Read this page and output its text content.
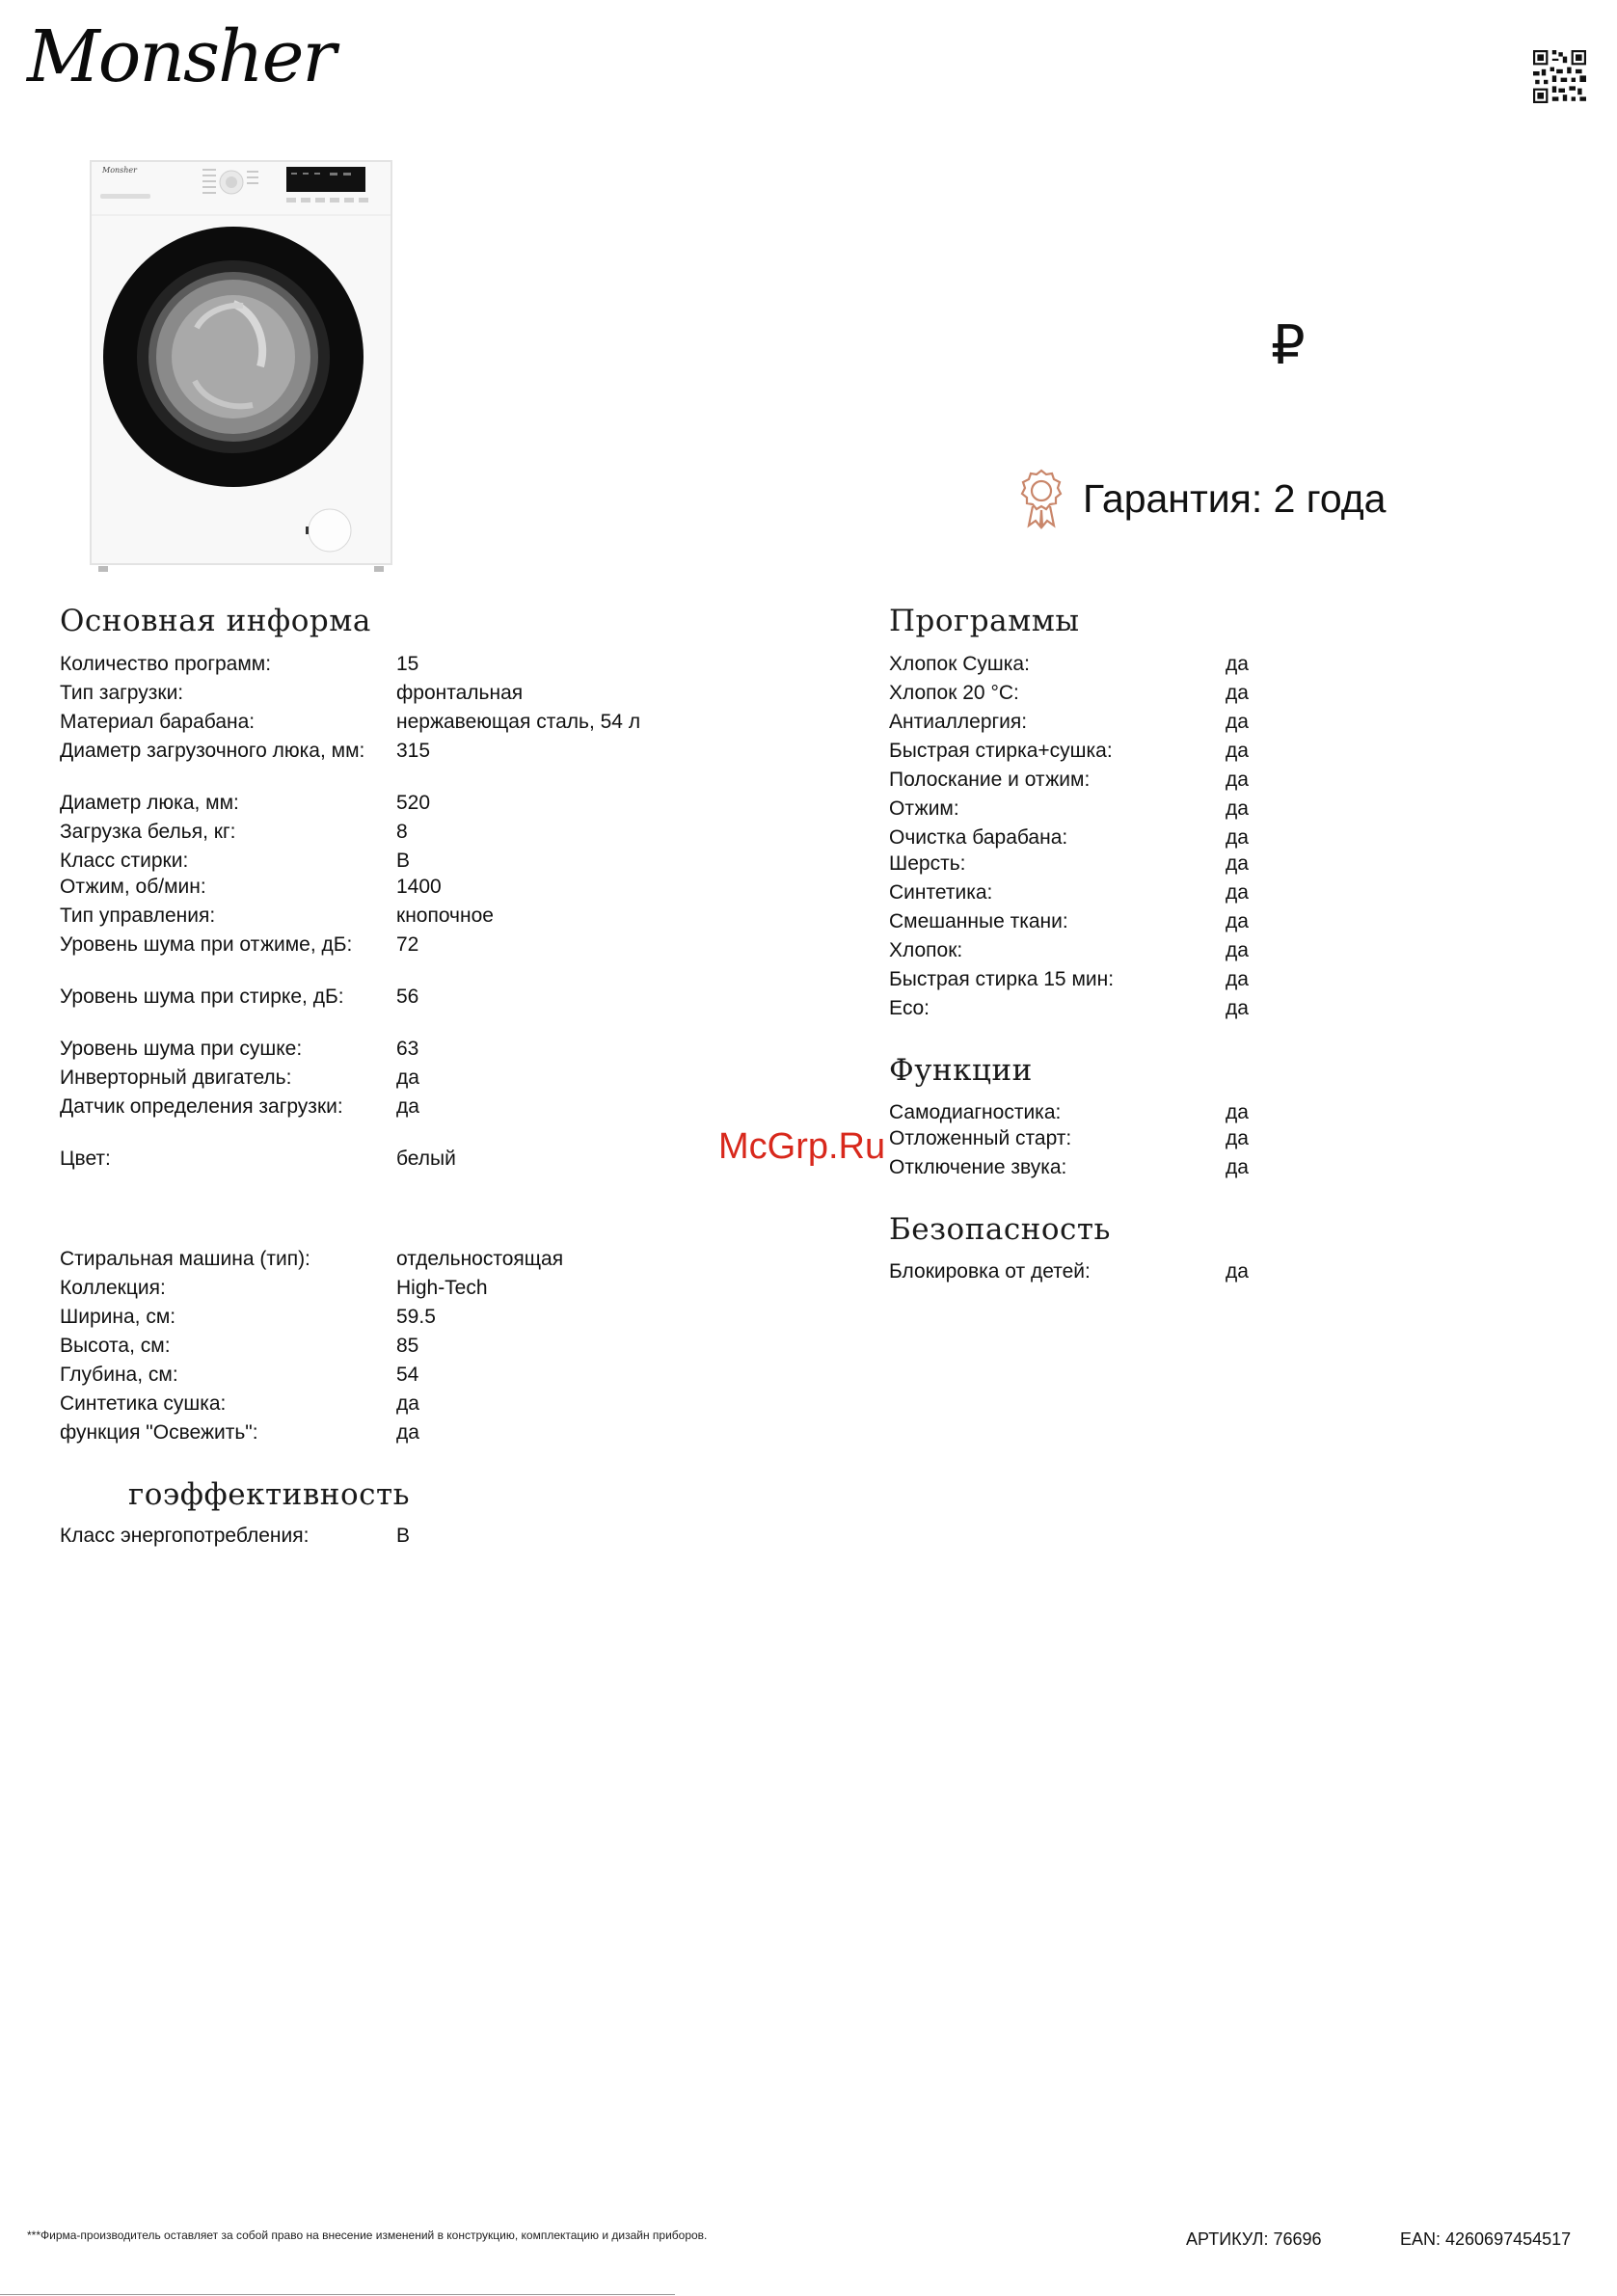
Monsher
Monsher
₽
Гарантия: 2 года
Основная информа
Количество программ:	15
Тип загрузки:	фронтальная
Материал барабана:	нержавеющая сталь, 54 л
Диаметр загрузочного люка, мм:	315
Диаметр люка, мм:	520
Загрузка белья, кг:	8
Класс стирки:	B
Отжим, об/мин:	1400
Тип управления:	кнопочное
Уровень шума при отжиме, дБ:	72
Уровень шума при стирке, дБ:	56
Уровень шума при сушке:	63
Инверторный двигатель:	да
Датчик определения загрузки:	да
Цвет:	белый
Стиральная машина (тип):	отдельностоящая
Коллекция:	High-Tech
Ширина, см:	59.5
Высота, см:	85
Глубина, см:	54
Синтетика сушка:	да
функция "Освежить":	да
гоэффективность
Класс энергопотребления:	B
Программы
Хлопок Сушка:	да
Хлопок 20 °C:	да
Антиаллергия:	да
Быстрая стирка+сушка:	да
Полоскание и отжим:	да
Отжим:	да
Очистка барабана:	да
Шерсть:	да
Синтетика:	да
Смешанные ткани:	да
Хлопок:	да
Быстрая стирка 15 мин:	да
Eco:	да
Функции
Самодиагностика:	да
Отложенный старт:	да
Отключение звука:	да
Безопасность
Блокировка от детей:	да
McGrp.Ru
***Фирма-производитель оставляет за собой право на внесение изменений в конструкцию, комплектацию и дизайн приборов.	АРТИКУЛ: 76696	EAN: 4260697454517
